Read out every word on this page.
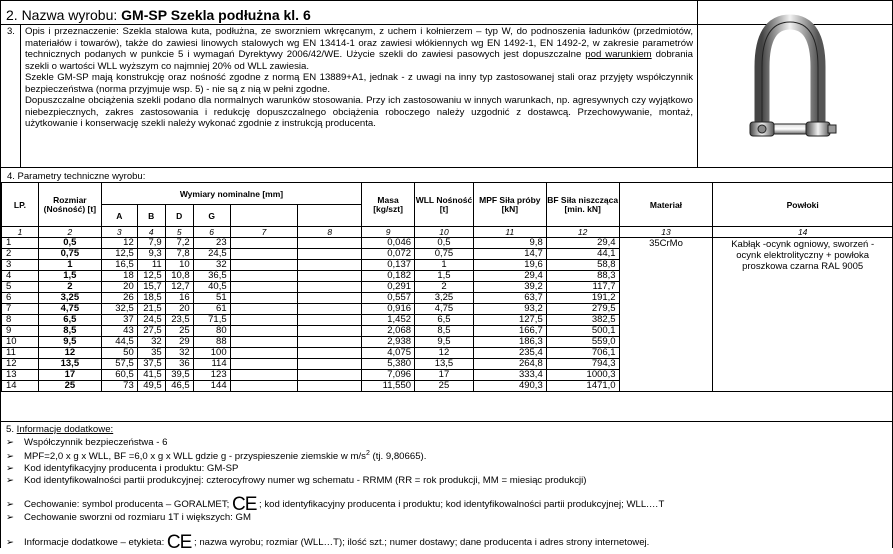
2. Nazwa wyrobu: GM-SP Szekla podłużna kl. 6
3. Opis i przeznaczenie: Szekla stalowa kuta, podłużna, ze sworzniem wkręcanym, z uchem i kołnierzem – typ W, do podnoszenia ładunków (przedmiotów, materiałów i towarów), także do zawiesi linowych stalowych wg EN 13414-1 oraz zawiesi włókiennych wg EN 1492-1, EN 1492-2, w zakresie parametrów technicznych podanych w punkcie 5 i wymagań Dyrektywy 2006/42/WE. Użycie szekli do zawiesi pasowych jest dopuszczalne pod warunkiem dobrania szekli o wartości WLL wyższym co najmniej 20% od WLL zawiesia.

Szekle GM-SP mają konstrukcję oraz nośność zgodne z normą EN 13889+A1, jednak - z uwagi na inny typ zastosowanej stali oraz przyjęty współczynnik bezpieczeństwa (norma przyjmuje wsp. 5) - nie są z nią w pełni zgodne.

Dopuszczalne obciążenia szekli podano dla normalnych warunków stosowania. Przy ich zastosowaniu w innych warunkach, np. agresywnych czy wyjątkowo niebezpiecznych, zakres zastosowania i redukcję dopuszczalnego obciążenia roboczego należy uzgodnić z dostawcą. Przechowywanie, montaż, użytkowanie i konserwację szekli należy wykonać zgodnie z instrukcją producenta.

4. Parametry techniczne wyrobu:
LP.	Rozmiar (Nośność) [t]	Wymiary nominalne [mm]						Masa [kg/szt]	WLL Nośność [t]	MPF Siła próby [kN]	BF Siła niszcząca [min. kN]	Materiał	Powłoki
		A	B	D	G								
1	2	3	4	5	6	7	8	9	10	11	12	13	14
1	0,5	12	7,9	7,2	23			0,046	0,5	9,8	29,4	35CrMo	Kabłąk -ocynk ogniowy, sworzeń - ocynk elektrolityczny + powłoka proszkowa czarna RAL 9005
2	0,75	12,5	9,3	7,8	24,5			0,072	0,75	14,7	44,1		
3	1	16,5	11	10	32			0,137	1	19,6	58,8		
4	1,5	18	12,5	10,8	36,5			0,182	1,5	29,4	88,3		
5	2	20	15,7	12,7	40,5			0,291	2	39,2	117,7		
6	3,25	26	18,5	16	51			0,557	3,25	63,7	191,2		
7	4,75	32,5	21,5	20	61			0,916	4,75	93,2	279,5		
8	6,5	37	24,5	23,5	71,5			1,452	6,5	127,5	382,5		
9	8,5	43	27,5	25	80			2,068	8,5	166,7	500,1		
10	9,5	44,5	32	29	88			2,938	9,5	186,3	559,0		
11	12	50	35	32	100			4,075	12	235,4	706,1		
12	13,5	57,5	37,5	36	114			5,380	13,5	264,8	794,3		
13	17	60,5	41,5	39,5	123			7,096	17	333,4	1000,3		
14	25	73	49,5	46,5	144			11,550	25	490,3	1471,0		
5. Informacje dodatkowe:
➢ Współczynnik bezpieczeństwa - 6
➢ MPF=2,0 x g x WLL, BF =6,0 x g x WLL gdzie g - przyspieszenie ziemskie w $m/s^2$ (tj. 9,80665).
➢ Kod identyfikacyjny producenta i produktu: GM-SP
➢ Kod identyfikowalności partii produkcyjnej: czterocyfrowy numer wg schematu - RRMM (RR = rok produkcji, MM = miesiąc produkcji)
➢ Cechowanie: symbol producenta – GORALMET; CE ; kod identyfikacyjny producenta i produktu; kod identyfikowalności partii produkcyjnej; WLL.…T
➢ Cechowanie sworzni od rozmiaru 1T i większych: GM
➢ Informacje dodatkowe – etykieta: CE ; nazwa wyrobu; rozmiar (WLL…T); ilość szt.; numer dostawy; dane producenta i adres strony internetowej.
